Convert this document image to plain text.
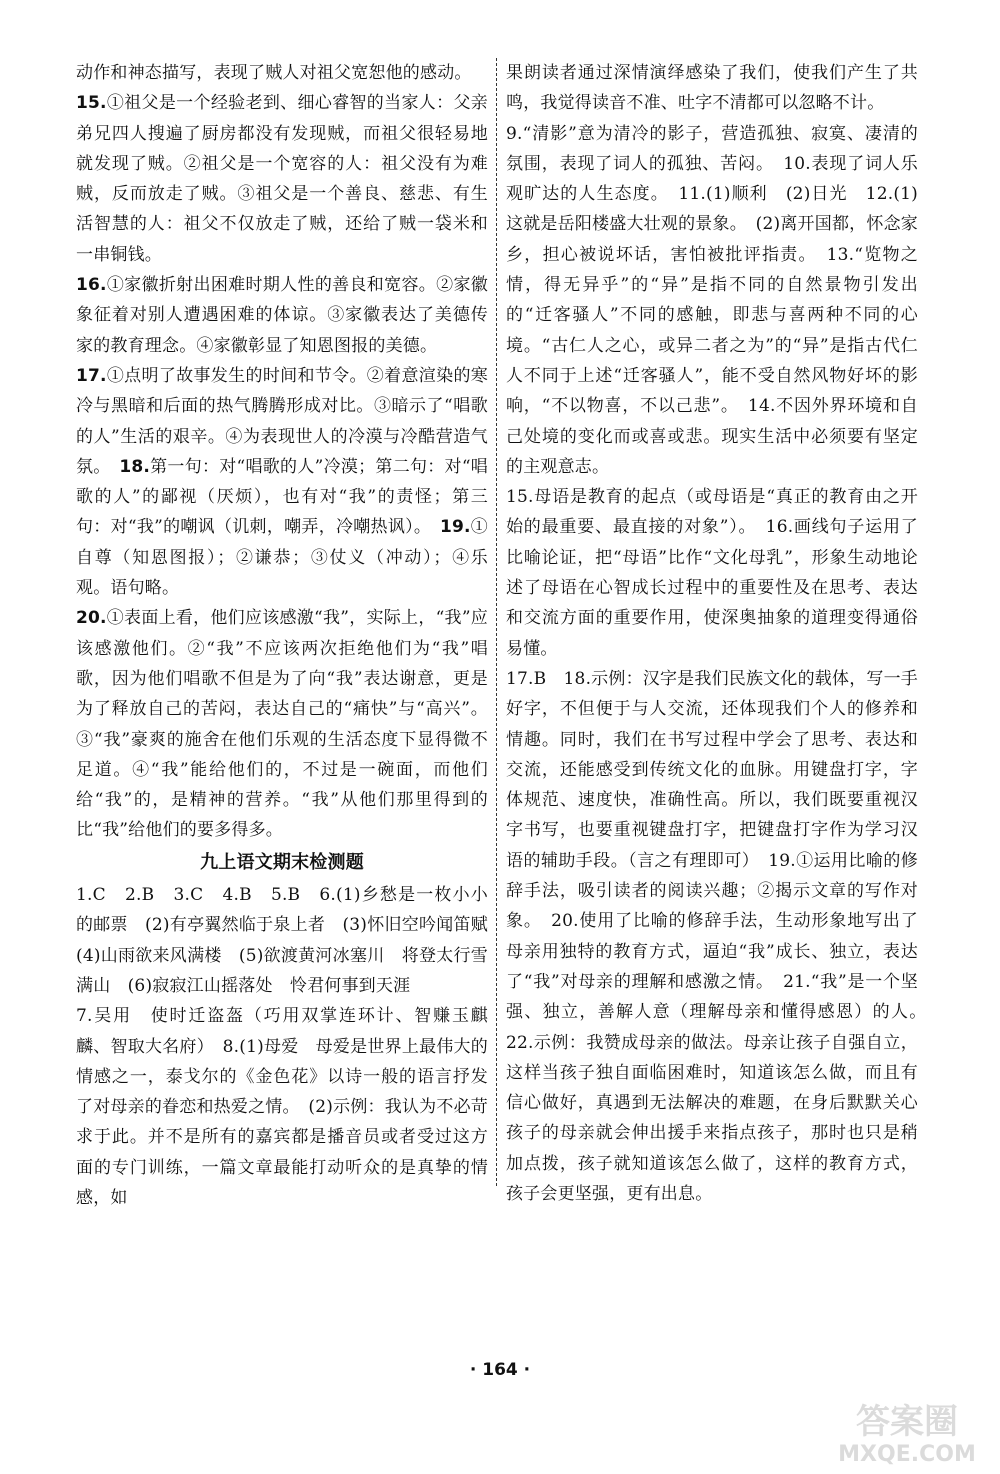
动作和神态描写，表现了贼人对祖父宽恕他的感动。

15.①祖父是一个经验老到、细心睿智的当家人：父亲弟兄四人搜遍了厨房都没有发现贼，而祖父很轻易地就发现了贼。②祖父是一个宽容的人：祖父没有为难贼，反而放走了贼。③祖父是一个善良、慈悲、有生活智慧的人：祖父不仅放走了贼，还给了贼一袋米和一串铜钱。

16.①家徽折射出困难时期人性的善良和宽容。②家徽象征着对别人遭遇困难的体谅。③家徽表达了美德传家的教育理念。④家徽彰显了知恩图报的美德。

17.①点明了故事发生的时间和节令。②着意渲染的寒冷与黑暗和后面的热气腾腾形成对比。③暗示了“唱歌的人”生活的艰辛。④为表现世人的冷漠与冷酷营造气氛。　 18.第一句：对“唱歌的人”冷漠；第二句：对“唱歌的人”的鄙视（厌烦），也有对“我”的责怪；第三句：对“我”的嘲讽（讥刺，嘲弄，冷嘲热讽）。　 19.①自尊（知恩图报）；②谦恭；③仗义（冲动）；④乐观。语句略。

20.①表面上看，他们应该感激“我”，实际上，“我”应该感激他们。②“我”不应该两次拒绝他们为“我”唱歌，因为他们唱歌不但是为了向“我”表达谢意，更是为了释放自己的苦闷，表达自己的“痛快”与“高兴”。③“我”豪爽的施舍在他们乐观的生活态度下显得微不足道。④“我”能给他们的，不过是一碗面，而他们给“我”的，是精神的营养。“我”从他们那里得到的比“我”给他们的要多得多。

九上语文期末检测题

1.C　2.B　3.C　4.B　5.B　6.(1)乡愁是一枚小小的邮票　(2)有亭翼然临于泉上者　(3)怀旧空吟闻笛赋　(4)山雨欲来风满楼　(5)欲渡黄河冰塞川　将登太行雪满山　(6)寂寂江山摇落处　怜君何事到天涯

7.吴用　使时迁盗盔（巧用双掌连环计、智赚玉麒麟、智取大名府）　8.(1)母爱　母爱是世界上最伟大的情感之一，泰戈尔的《金色花》以诗一般的语言抒发了对母亲的眷恋和热爱之情。　(2)示例：我认为不必苛求于此。并不是所有的嘉宾都是播音员或者受过这方面的专门训练，一篇文章最能打动听众的是真挚的情感，如

果朗读者通过深情演绎感染了我们，使我们产生了共鸣，我觉得读音不准、吐字不清都可以忽略不计。

9.“清影”意为清冷的影子，营造孤独、寂寞、凄清的氛围，表现了词人的孤独、苦闷。　10.表现了词人乐观旷达的人生态度。　11.(1)顺利　(2)日光　12.(1)这就是岳阳楼盛大壮观的景象。　(2)离开国都，怀念家乡，担心被说坏话，害怕被批评指责。　13.“览物之情，得无异乎”的“异”是指不同的自然景物引发出的“迁客骚人”不同的感触，即悲与喜两种不同的心境。“古仁人之心，或异二者之为”的“异”是指古代仁人不同于上述“迁客骚人”，能不受自然风物好坏的影响，“不以物喜，不以己悲”。　14.不因外界环境和自己处境的变化而或喜或悲。现实生活中必须要有坚定的主观意志。

15.母语是教育的起点（或母语是“真正的教育由之开始的最重要、最直接的对象”）。　16.画线句子运用了比喻论证，把“母语”比作“文化母乳”，形象生动地论述了母语在心智成长过程中的重要性及在思考、表达和交流方面的重要作用，使深奥抽象的道理变得通俗易懂。

17.B　18.示例：汉字是我们民族文化的载体，写一手好字，不但便于与人交流，还体现我们个人的修养和情趣。同时，我们在书写过程中学会了思考、表达和交流，还能感受到传统文化的血脉。用键盘打字，字体规范、速度快，准确性高。所以，我们既要重视汉字书写，也要重视键盘打字，把键盘打字作为学习汉语的辅助手段。（言之有理即可）　19.①运用比喻的修辞手法，吸引读者的阅读兴趣；②揭示文章的写作对象。　20.使用了比喻的修辞手法，生动形象地写出了母亲用独特的教育方式，逼迫“我”成长、独立，表达了“我”对母亲的理解和感激之情。　21.“我”是一个坚强、独立，善解人意（理解母亲和懂得感恩）的人。　22.示例：我赞成母亲的做法。母亲让孩子自强自立，这样当孩子独自面临困难时，知道该怎么做，而且有信心做好，真遇到无法解决的难题，在身后默默关心孩子的母亲就会伸出援手来指点孩子，那时也只是稍加点拨，孩子就知道该怎么做了，这样的教育方式，孩子会更坚强，更有出息。

· 164 ·
答案圈
MXQE.COM
